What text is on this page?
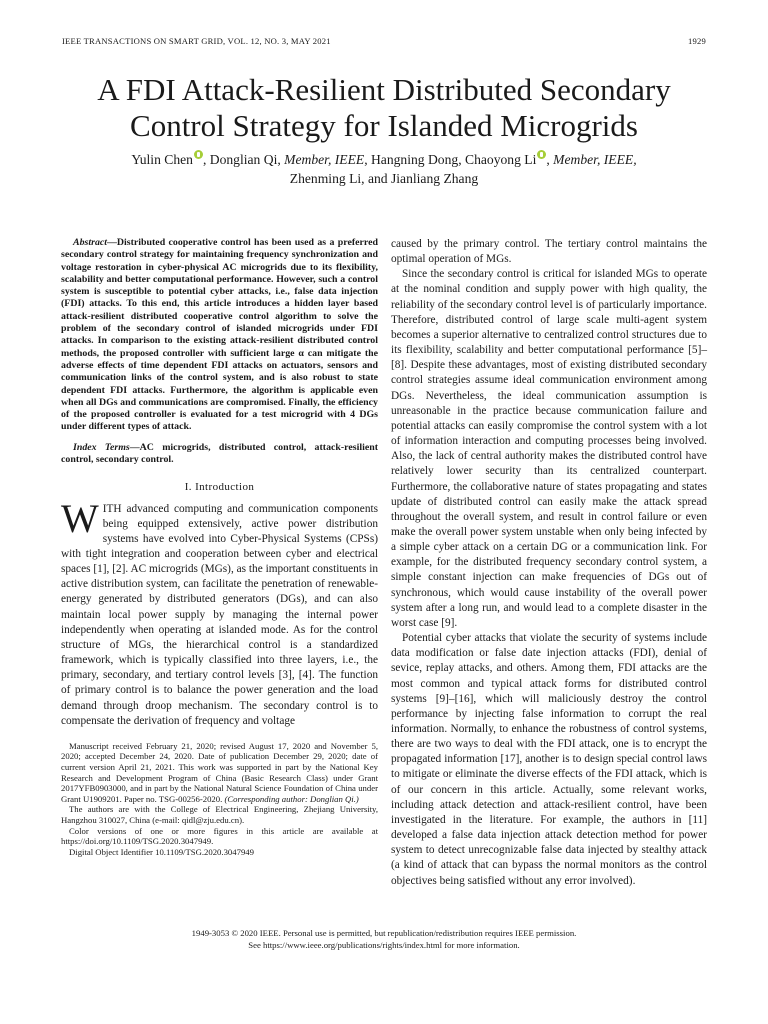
IEEE TRANSACTIONS ON SMART GRID, VOL. 12, NO. 3, MAY 2021	1929
A FDI Attack-Resilient Distributed Secondary
Control Strategy for Islanded Microgrids
Yulin Chen , Donglian Qi, Member, IEEE, Hangning Dong, Chaoyong Li , Member, IEEE,
Zhenming Li, and Jianliang Zhang
Abstract—Distributed cooperative control has been used as a preferred secondary control strategy for maintaining frequency synchronization and voltage restoration in cyber-physical AC microgrids due to its flexibility, scalability and better computational performance. However, such a control system is susceptible to potential cyber attacks, i.e., false data injection (FDI) attacks. To this end, this article introduces a hidden layer based attack-resilient distributed cooperative control algorithm to solve the problem of the secondary control of islanded microgrids under FDI attacks. In comparison to the existing attack-resilient distributed control methods, the proposed controller with sufficient large α can mitigate the adverse effects of time dependent FDI attacks on actuators, sensors and communication links of the control system, and is also robust to state dependent FDI attacks. Furthermore, the algorithm is applicable even when all DGs and communications are compromised. Finally, the efficiency of the proposed controller is evaluated for a test microgrid with 4 DGs under different types of attack.
Index Terms—AC microgrids, distributed control, attack-resilient control, secondary control.
I. Introduction

WITH advanced computing and communication components being equipped extensively, active power distribution systems have evolved into Cyber-Physical Systems (CPSs) with tight integration and cooperation between cyber and electrical spaces [1], [2]. AC microgrids (MGs), as the important constituents in active distribution system, can facilitate the penetration of renewable-energy generated by distributed generators (DGs), and can also maintain local power supply by managing the internal power independently when operating at islanded mode. As for the control structure of MGs, the hierarchical control is a standardized framework, which is typically classified into three layers, i.e., the primary, secondary, and tertiary control levels [3], [4]. The function of primary control is to balance the power generation and the load demand through droop mechanism. The secondary control is to compensate the derivation of frequency and voltage

Manuscript received February 21, 2020; revised August 17, 2020 and November 5, 2020; accepted December 24, 2020. Date of publication December 29, 2020; date of current version April 21, 2021. This work was supported in part by the National Key Research and Development Program of China (Basic Research Class) under Grant 2017YFB0903000, and in part by the National Natural Science Foundation of China under Grant U1909201. Paper no. TSG-00256-2020. (Corresponding author: Donglian Qi.)

The authors are with the College of Electrical Engineering, Zhejiang University, Hangzhou 310027, China (e-mail: qidl@zju.edu.cn).

Color versions of one or more figures in this article are available at https://doi.org/10.1109/TSG.2020.3047949.

Digital Object Identifier 10.1109/TSG.2020.3047949

caused by the primary control. The tertiary control maintains the optimal operation of MGs.

Since the secondary control is critical for islanded MGs to operate at the nominal condition and supply power with high quality, the reliability of the secondary control level is of particularly importance. Therefore, distributed control of large scale multi-agent system becomes a superior alternative to centralized control structures due to its flexibility, scalability and better computational performance [5]–[8]. Despite these advantages, most of existing distributed secondary control strategies assume ideal communication environment among DGs. Nevertheless, the ideal communication assumption is unreasonable in the practice because communication failure and potential attacks can easily compromise the control system with a lot of information interaction and computing processes being involved. Also, the lack of central authority makes the distributed control have relatively lower security than its centralized counterpart. Furthermore, the collaborative nature of states propagating and states update of distributed control can easily make the attack spread throughout the overall system, and result in control failure or even make the overall power system unstable when only being infected by a simple cyber attack on a certain DG or a communication link. For example, for the distributed frequency secondary control system, a simple constant injection can make frequencies of DGs out of synchronous, which would cause instability of the overall power system after a long run, and would lead to a complete disaster in the worst case [9].

Potential cyber attacks that violate the security of systems include data modification or false date injection attacks (FDI), denial of sevice, replay attacks, and others. Among them, FDI attacks are the most common and typical attack forms for distributed control systems [9]–[16], which will maliciously destroy the control performance by injecting false information to corrupt the real information. Normally, to enhance the robustness of control systems, there are two ways to deal with the FDI attack, one is to encrypt the propagated information [17], another is to design special control laws to mitigate or eliminate the diverse effects of the FDI attack, which is of our concern in this article. Actually, some relevant works, including attack detection and attack-resilient control, have been investigated in the literature. For example, the authors in [11] developed a false data injection attack detection method for power system to detect unrecognizable false data injected by stealthy attack (a kind of attack that can bypass the normal monitors as the control objectives being satisfied without any error involved).

1949-3053 © 2020 IEEE. Personal use is permitted, but republication/redistribution requires IEEE permission.
See https://www.ieee.org/publications/rights/index.html for more information.
